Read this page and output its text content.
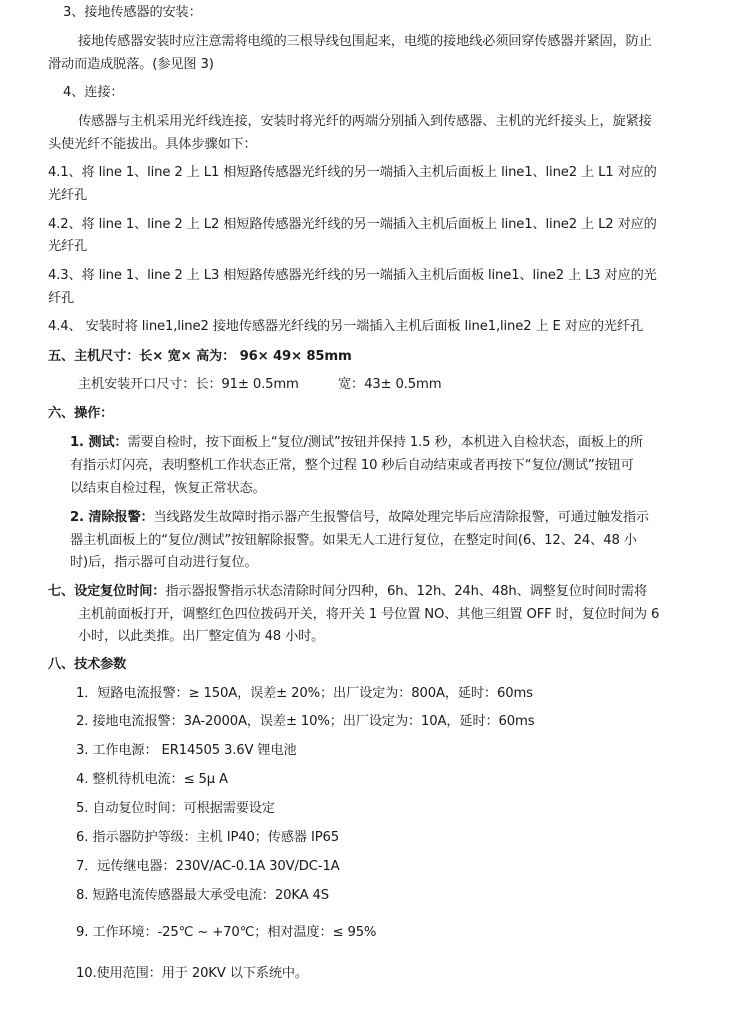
3、接地传感器的安装：
接地传感器安装时应注意需将电缆的三根导线包围起来，电缆的接地线必须回穿传感器并紧固，防止
滑动而造成脱落。(参见图 3)
4、连接：
传感器与主机采用光纤线连接，安装时将光纤的两端分别插入到传感器、主机的光纤接头上，旋紧接
头使光纤不能拔出。具体步骤如下：
4.1、将 line 1、line 2 上 L1 相短路传感器光纤线的另一端插入主机后面板上 line1、line2 上 L1 对应的
光纤孔
4.2、将 line 1、line 2 上 L2 相短路传感器光纤线的另一端插入主机后面板上 line1、line2 上 L2 对应的
光纤孔
4.3、将 line 1、line 2 上 L3 相短路传感器光纤线的另一端插入主机后面板 line1、line2 上 L3 对应的光
纤孔
4.4、 安装时将 line1,line2 接地传感器光纤线的另一端插入主机后面板 line1,line2 上 E 对应的光纤孔
五、主机尺寸：长× 宽× 高为： 96× 49× 85mm
主机安装开口尺寸：长：91± 0.5mm	宽：43± 0.5mm
六、操作：
1. 测试：需要自检时，按下面板上“复位/测试”按钮并保持 1.5 秒，本机进入自检状态，面板上的所
有指示灯闪亮，表明整机工作状态正常，整个过程 10 秒后自动结束或者再按下“复位/测试”按钮可
以结束自检过程，恢复正常状态。
2. 清除报警：当线路发生故障时指示器产生报警信号，故障处理完毕后应清除报警，可通过触发指示
器主机面板上的“复位/测试”按钮解除报警。如果无人工进行复位，在整定时间(6、12、24、48 小
时)后，指示器可自动进行复位。
七、设定复位时间：指示器报警指示状态清除时间分四种，6h、12h、24h、48h、调整复位时间时需将
主机前面板打开，调整红色四位拨码开关，将开关 1 号位置 NO、其他三组置 OFF 时，复位时间为 6
小时，以此类推。出厂整定值为 48 小时。
八、技术参数
1．短路电流报警：≥ 150A，误差± 20%；出厂设定为：800A，延时：60ms
2. 接地电流报警：3A-2000A，误差± 10%；出厂设定为：10A，延时：60ms
3. 工作电源： ER14505 3.6V 锂电池
4. 整机待机电流：≤ 5μ A
5. 自动复位时间：可根据需要设定
6. 指示器防护等级：主机 IP40；传感器 IP65
7．远传继电器：230V/AC-0.1A 30V/DC-1A
8. 短路电流传感器最大承受电流：20KA 4S
9. 工作环境：-25℃ ~ +70℃；相对温度：≤ 95%
10.使用范围：用于 20KV 以下系统中。
